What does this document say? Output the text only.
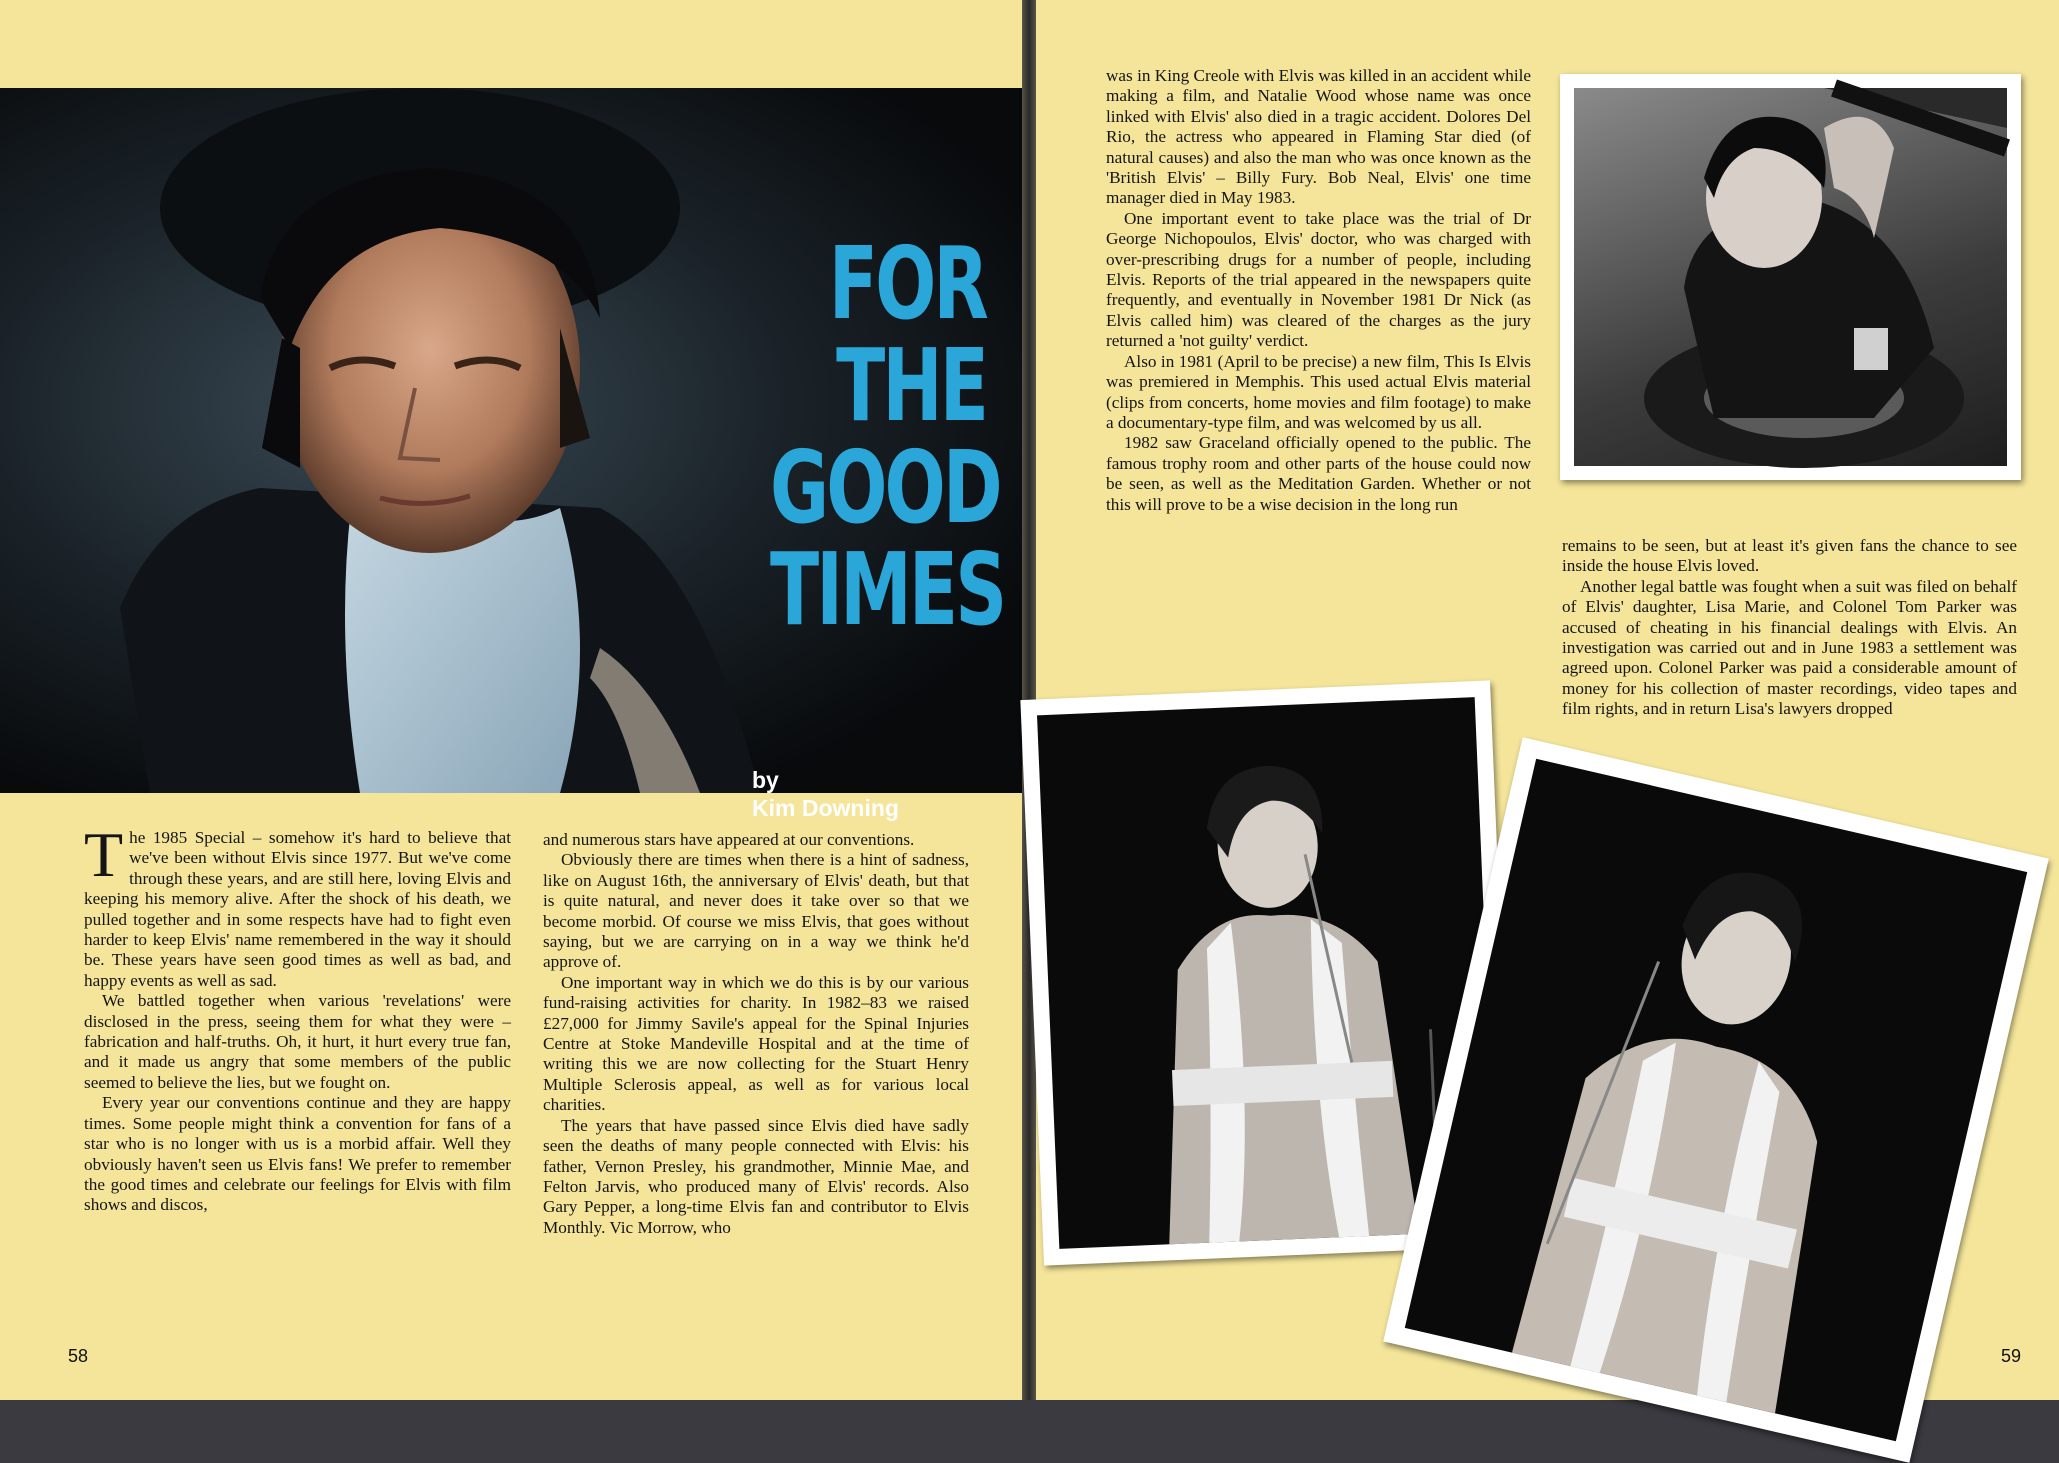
FOR
THE
GOOD
TIMES
by
Kim Downing

The 1985 Special – somehow it's hard to believe that we've been without Elvis since 1977. But we've come through these years, and are still here, loving Elvis and keeping his memory alive. After the shock of his death, we pulled together and in some respects have had to fight even harder to keep Elvis' name remembered in the way it should be. These years have seen good times as well as bad, and happy events as well as sad.

We battled together when various 'revelations' were disclosed in the press, seeing them for what they were – fabrication and half-truths. Oh, it hurt, it hurt every true fan, and it made us angry that some members of the public seemed to believe the lies, but we fought on.

Every year our conventions continue and they are happy times. Some people might think a convention for fans of a star who is no longer with us is a morbid affair. Well they obviously haven't seen us Elvis fans! We prefer to remember the good times and celebrate our feelings for Elvis with film shows and discos,

and numerous stars have appeared at our conventions.

Obviously there are times when there is a hint of sadness, like on August 16th, the anniversary of Elvis' death, but that is quite natural, and never does it take over so that we become morbid. Of course we miss Elvis, that goes without saying, but we are carrying on in a way we think he'd approve of.

One important way in which we do this is by our various fund-raising activities for charity. In 1982–83 we raised £27,000 for Jimmy Savile's appeal for the Spinal Injuries Centre at Stoke Mandeville Hospital and at the time of writing this we are now collecting for the Stuart Henry Multiple Sclerosis appeal, as well as for various local charities.

The years that have passed since Elvis died have sadly seen the deaths of many people connected with Elvis: his father, Vernon Presley, his grandmother, Minnie Mae, and Felton Jarvis, who produced many of Elvis' records. Also Gary Pepper, a long-time Elvis fan and contributor to Elvis Monthly. Vic Morrow, who

58

was in King Creole with Elvis was killed in an accident while making a film, and Natalie Wood whose name was once linked with Elvis' also died in a tragic accident. Dolores Del Rio, the actress who appeared in Flaming Star died (of natural causes) and also the man who was once known as the 'British Elvis' – Billy Fury. Bob Neal, Elvis' one time manager died in May 1983.

One important event to take place was the trial of Dr George Nichopoulos, Elvis' doctor, who was charged with over-prescribing drugs for a number of people, including Elvis. Reports of the trial appeared in the newspapers quite frequently, and eventually in November 1981 Dr Nick (as Elvis called him) was cleared of the charges as the jury returned a 'not guilty' verdict.

Also in 1981 (April to be precise) a new film, This Is Elvis was premiered in Memphis. This used actual Elvis material (clips from concerts, home movies and film footage) to make a documentary-type film, and was welcomed by us all.

1982 saw Graceland officially opened to the public. The famous trophy room and other parts of the house could now be seen, as well as the Meditation Garden. Whether or not this will prove to be a wise decision in the long run

remains to be seen, but at least it's given fans the chance to see inside the house Elvis loved.

Another legal battle was fought when a suit was filed on behalf of Elvis' daughter, Lisa Marie, and Colonel Tom Parker was accused of cheating in his financial dealings with Elvis. An investigation was carried out and in June 1983 a settlement was agreed upon. Colonel Parker was paid a considerable amount of money for his collection of master recordings, video tapes and film rights, and in return Lisa's lawyers dropped

59
